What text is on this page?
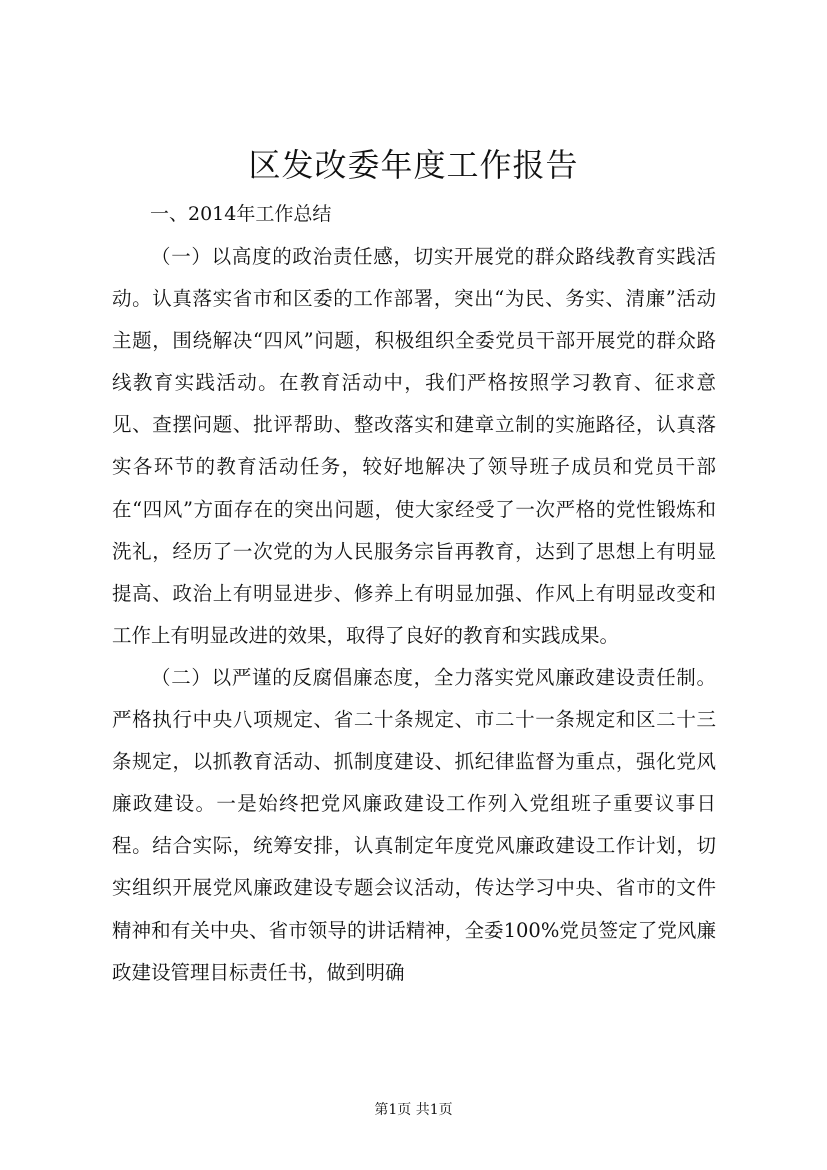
区发改委年度工作报告
一、2014年工作总结

（一）以高度的政治责任感，切实开展党的群众路线教育实践活动。认真落实省市和区委的工作部署，突出“为民、务实、清廉”活动主题，围绕解决“四风”问题，积极组织全委党员干部开展党的群众路线教育实践活动。在教育活动中，我们严格按照学习教育、征求意见、查摆问题、批评帮助、整改落实和建章立制的实施路径，认真落实各环节的教育活动任务，较好地解决了领导班子成员和党员干部在“四风”方面存在的突出问题，使大家经受了一次严格的党性锻炼和洗礼，经历了一次党的为人民服务宗旨再教育，达到了思想上有明显提高、政治上有明显进步、修养上有明显加强、作风上有明显改变和工作上有明显改进的效果，取得了良好的教育和实践成果。

（二）以严谨的反腐倡廉态度，全力落实党风廉政建设责任制。严格执行中央八项规定、省二十条规定、市二十一条规定和区二十三条规定，以抓教育活动、抓制度建设、抓纪律监督为重点，强化党风廉政建设。一是始终把党风廉政建设工作列入党组班子重要议事日程。结合实际，统筹安排，认真制定年度党风廉政建设工作计划，切实组织开展党风廉政建设专题会议活动，传达学习中央、省市的文件精神和有关中央、省市领导的讲话精神，全委100%党员签定了党风廉政建设管理目标责任书，做到明确

第1页 共1页
